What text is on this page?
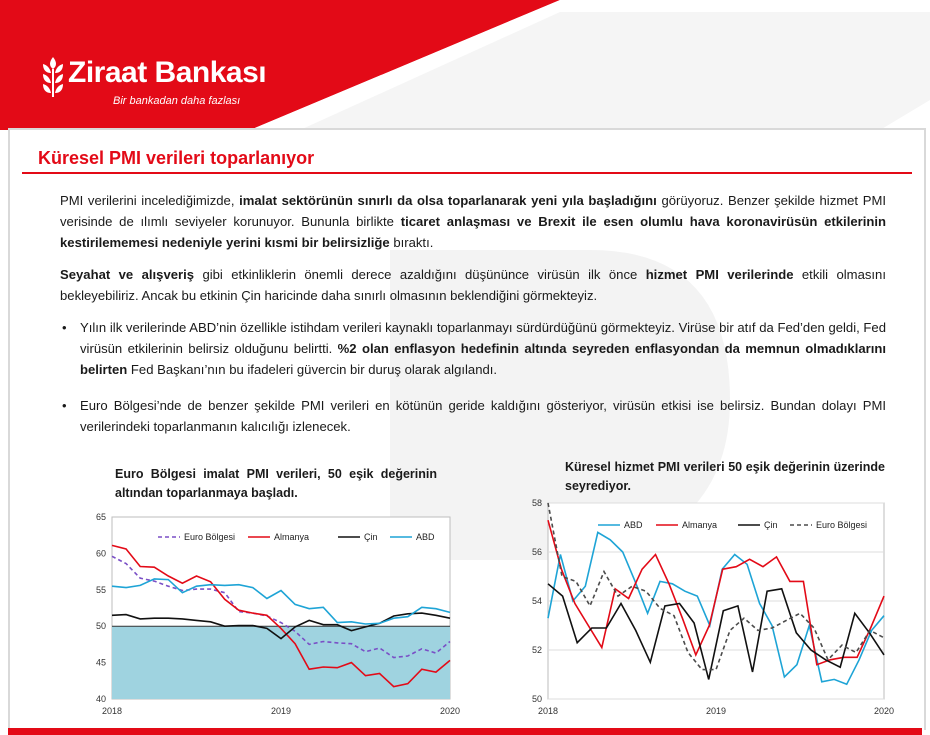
Ziraat Bankası
Bir bankadan daha fazlası
Küresel PMI verileri toparlanıyor
PMI verilerini incelediğimizde, imalat sektörünün sınırlı da olsa toparlanarak yeni yıla başladığını görüyoruz. Benzer şekilde hizmet PMI verisinde de ılımlı seviyeler korunuyor. Bununla birlikte ticaret anlaşması ve Brexit ile esen olumlu hava koronavirüsün etkilerinin kestirilememesi nedeniyle yerini kısmi bir belirsizliğe bıraktı.
Seyahat ve alışveriş gibi etkinliklerin önemli derece azaldığını düşününce virüsün ilk önce hizmet PMI verilerinde etkili olmasını bekleyebiliriz. Ancak bu etkinin Çin haricinde daha sınırlı olmasının beklendiğini görmekteyiz.
• Yılın ilk verilerinde ABD’nin özellikle istihdam verileri kaynaklı toparlanmayı sürdürdüğünü görmekteyiz. Virüse bir atıf da Fed’den geldi, Fed virüsün etkilerinin belirsiz olduğunu belirtti. %2 olan enflasyon hedefinin altında seyreden enflasyondan da memnun olmadıklarını belirten Fed Başkanı’nın bu ifadeleri güvercin bir duruş olarak algılandı.
• Euro Bölgesi’nde de benzer şekilde PMI verileri en kötünün geride kaldığını gösteriyor, virüsün etkisi ise belirsiz. Bundan dolayı PMI verilerindeki toparlanmanın kalıcılığı izlenecek.
Euro Bölgesi imalat PMI verileri, 50 eşik değerinin altından toparlanmaya başladı.
Küresel hizmet PMI verileri 50 eşik değerinin üzerinde seyrediyor.
40
45
50
55
60
65
2018	2019	2020
Euro Bölgesi	Almanya	Çin	ABD
50
52
54
56
58
2018	2019	2020
ABD	Almanya	Çin	Euro Bölgesi
